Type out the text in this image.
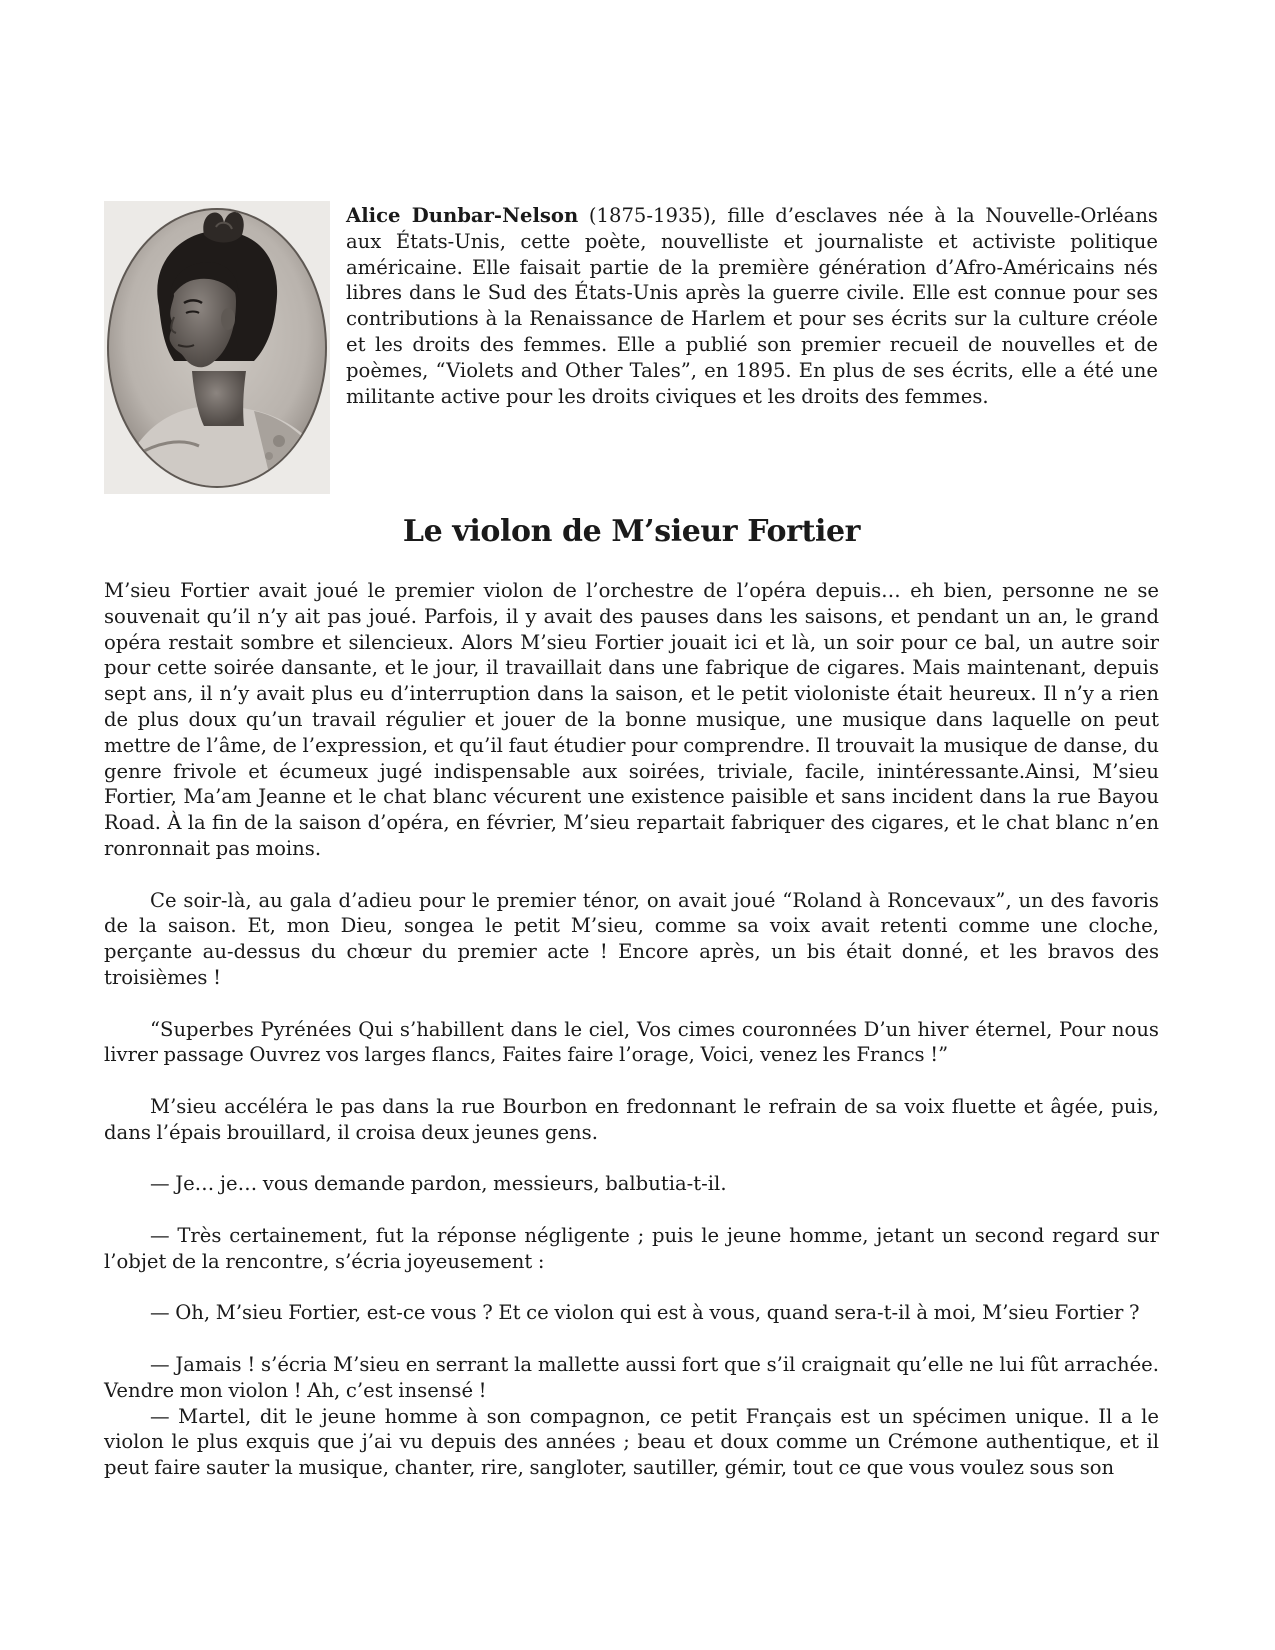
Alice Dunbar-Nelson (1875-1935), fille d’esclaves née à la Nouvelle-Orléans aux États-Unis, cette poète, nouvelliste et journaliste et activiste politique américaine. Elle faisait partie de la première génération d’Afro-Américains nés libres dans le Sud des États-Unis après la guerre civile. Elle est connue pour ses contributions à la Renaissance de Harlem et pour ses écrits sur la culture créole et les droits des femmes. Elle a publié son premier recueil de nouvelles et de poèmes, “Violets and Other Tales”, en 1895. En plus de ses écrits, elle a été une militante active pour les droits civiques et les droits des femmes.

Le violon de M’sieur Fortier

M’sieu Fortier avait joué le premier violon de l’orchestre de l’opéra depuis… eh bien, personne ne se souvenait qu’il n’y ait pas joué. Parfois, il y avait des pauses dans les saisons, et pendant un an, le grand opéra restait sombre et silencieux. Alors M’sieu Fortier jouait ici et là, un soir pour ce bal, un autre soir pour cette soirée dansante, et le jour, il travaillait dans une fabrique de cigares. Mais maintenant, depuis sept ans, il n’y avait plus eu d’interruption dans la saison, et le petit violoniste était heureux. Il n’y a rien de plus doux qu’un travail régulier et jouer de la bonne musique, une musique dans laquelle on peut mettre de l’âme, de l’expression, et qu’il faut étudier pour comprendre. Il trouvait la musique de danse, du genre frivole et écumeux jugé indispensable aux soirées, triviale, facile, inintéressante.Ainsi, M’sieu Fortier, Ma’am Jeanne et le chat blanc vécurent une existence paisible et sans incident dans la rue Bayou Road. À la fin de la saison d’opéra, en février, M’sieu repartait fabriquer des cigares, et le chat blanc n’en ronronnait pas moins.

Ce soir-là, au gala d’adieu pour le premier ténor, on avait joué “Roland à Roncevaux”, un des favoris de la saison. Et, mon Dieu, songea le petit M’sieu, comme sa voix avait retenti comme une cloche, perçante au-dessus du chœur du premier acte ! Encore après, un bis était donné, et les bravos des troisièmes !

“Superbes Pyrénées Qui s’habillent dans le ciel, Vos cimes couronnées D’un hiver éternel, Pour nous livrer passage Ouvrez vos larges flancs, Faites faire l’orage, Voici, venez les Francs !”

M’sieu accéléra le pas dans la rue Bourbon en fredonnant le refrain de sa voix fluette et âgée, puis, dans l’épais brouillard, il croisa deux jeunes gens.

— Je… je… vous demande pardon, messieurs, balbutia-t-il.

— Très certainement, fut la réponse négligente ; puis le jeune homme, jetant un second regard sur l’objet de la rencontre, s’écria joyeusement :

— Oh, M’sieu Fortier, est-ce vous ? Et ce violon qui est à vous, quand sera-t-il à moi, M’sieu Fortier ?

— Jamais ! s’écria M’sieu en serrant la mallette aussi fort que s’il craignait qu’elle ne lui fût arrachée. Vendre mon violon ! Ah, c’est insensé !

— Martel, dit le jeune homme à son compagnon, ce petit Français est un spécimen unique. Il a le violon le plus exquis que j’ai vu depuis des années ; beau et doux comme un Crémone authentique, et il peut faire sauter la musique, chanter, rire, sangloter, sautiller, gémir, tout ce que vous voulez sous son
